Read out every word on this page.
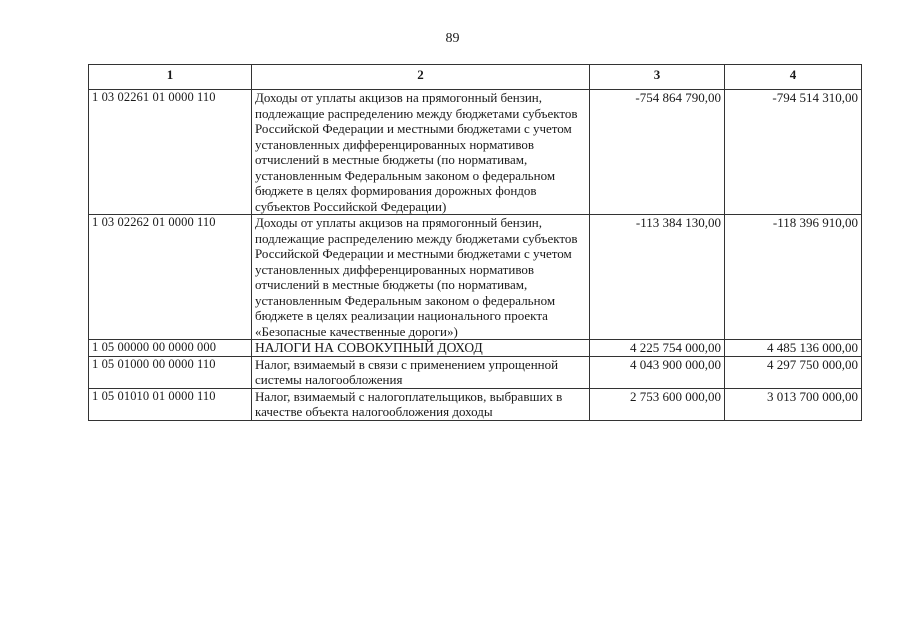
89
1	2	3	4
1 03 02261 01 0000 110	Доходы от уплаты акцизов на прямогонный бензин, подлежащие распределению между бюджетами субъектов Российской Федерации и местными бюджетами с учетом установленных дифференцированных нормативов отчислений в местные бюджеты (по нормативам, установленным Федеральным законом о федеральном бюджете в целях формирования дорожных фондов субъектов Российской Федерации)	-754 864 790,00	-794 514 310,00
1 03 02262 01 0000 110	Доходы от уплаты акцизов на прямогонный бензин, подлежащие распределению между бюджетами субъектов Российской Федерации и местными бюджетами с учетом установленных дифференцированных нормативов отчислений в местные бюджеты (по нормативам, установленным Федеральным законом о федеральном бюджете в целях реализации национального проекта «Безопасные качественные дороги»)	-113 384 130,00	-118 396 910,00
1 05 00000 00 0000 000	НАЛОГИ НА СОВОКУПНЫЙ ДОХОД	4 225 754 000,00	4 485 136 000,00
1 05 01000 00 0000 110	Налог, взимаемый в связи с применением упрощенной системы налогообложения	4 043 900 000,00	4 297 750 000,00
1 05 01010 01 0000 110	Налог, взимаемый с налогоплательщиков, выбравших в качестве объекта налогообложения доходы	2 753 600 000,00	3 013 700 000,00
